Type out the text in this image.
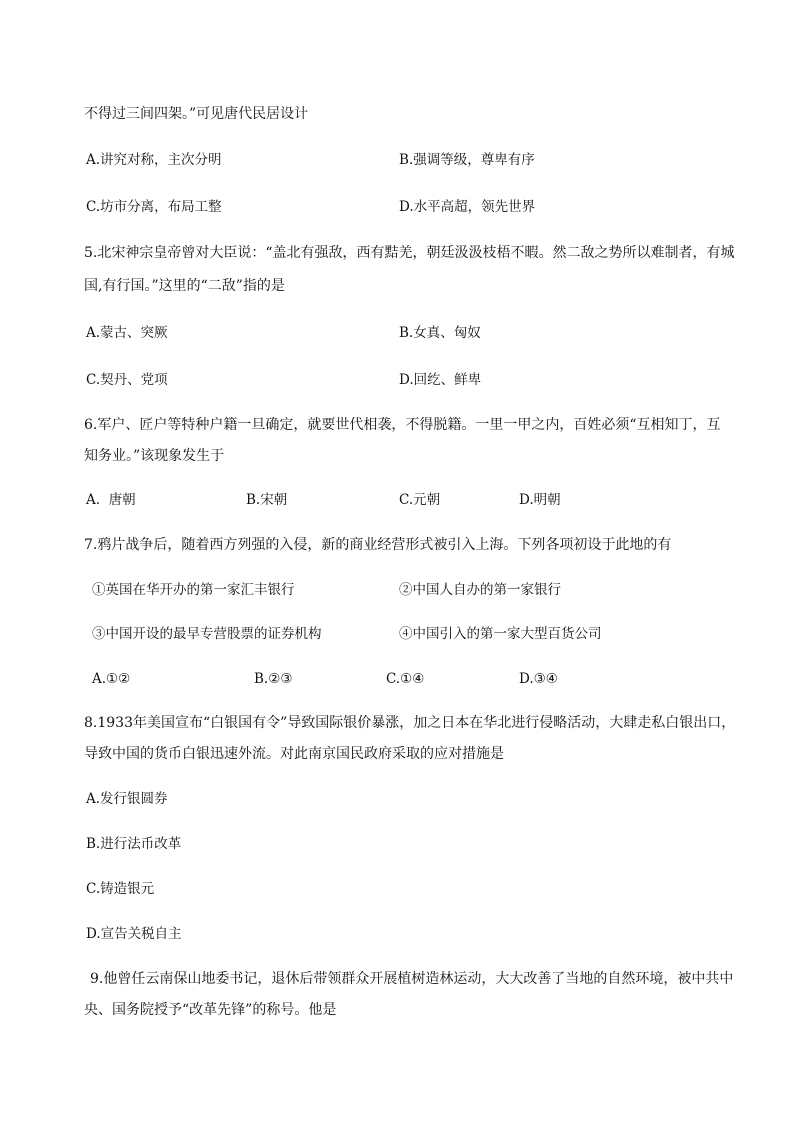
不得过三间四架。”可见唐代民居设计
A.讲究对称，主次分明	B.强调等级，尊卑有序
C.坊市分离，布局工整	D.水平高超，领先世界
5.北宋神宗皇帝曾对大臣说：“盖北有强敌，西有黠羌，朝廷汲汲枝梧不暇。然二敌之势所以难制者，有城
国,有行国。”这里的“二敌”指的是
A.蒙古、突厥	B.女真、匈奴
C.契丹、党项	D.回纥、鲜卑
6.军户、匠户等特种户籍一旦确定，就要世代相袭，不得脱籍。一里一甲之内，百姓必须“互相知丁，互
知务业。”该现象发生于
A.  唐朝	B.宋朝	C.元朝	D.明朝
7.鸦片战争后，随着西方列强的入侵，新的商业经营形式被引入上海。下列各项初设于此地的有
①英国在华开办的第一家汇丰银行	②中国人自办的第一家银行
③中国开设的最早专营股票的证券机构	④中国引入的第一家大型百货公司
A.①②	B.②③	C.①④	D.③④
8.1933年美国宣布“白银国有令”导致国际银价暴涨，加之日本在华北进行侵略活动，大肆走私白银出口，
导致中国的货币白银迅速外流。对此南京国民政府采取的应对措施是
A.发行银圆券
B.进行法币改革
C.铸造银元
D.宣告关税自主
9.他曾任云南保山地委书记，退休后带领群众开展植树造林运动，大大改善了当地的自然环境，被中共中
央、国务院授予“改革先锋”的称号。他是
